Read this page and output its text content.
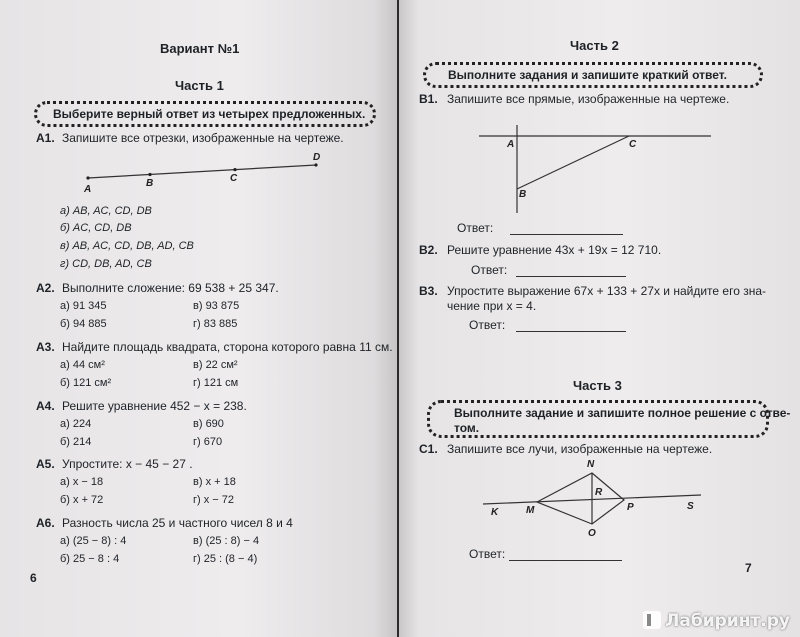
Вариант №1
Часть 1
Выберите верный ответ из четырех предложенных.
А1. Запишите все отрезки, изображенные на чертеже.
A
B	C
D
а) AB, AC, CD, DB
б) AC, CD, DB
в) AB, AC, CD, DB, AD, CB
г) CD, DB, AD, CB
А2. Выполните сложение: 69 538 + 25 347.
а) 91 345	в) 93 875
б) 94 885	г) 83 885
А3. Найдите площадь квадрата, сторона которого равна 11 см.
а) 44 см²	в) 22 см²
б) 121 см²	г) 121 см
А4. Решите уравнение 452 − x = 238.
а) 224	в) 690
б) 214	г) 670
А5. Упростите: x − 45 − 27 .
а) x − 18	в) x + 18
б) x + 72	г) x − 72
А6. Разность числа 25 и частного чисел 8 и 4
а) (25 − 8) : 4	в) (25 : 8) − 4
б) 25 − 8 : 4	г) 25 : (8 − 4)
6
Часть 2
Выполните задания и запишите краткий ответ.
В1. Запишите все прямые, изображенные на чертеже.
A	C
B
Ответ:
В2. Решите уравнение 43x + 19x = 12 710.
Ответ:
В3. Упростите выражение 67x + 133 + 27x и найдите его зна-
чение при x = 4.
Ответ:
Часть 3
Выполните задание и запишите полное решение с отве-
том.
С1. Запишите все лучи, изображенные на чертеже.
N
R
K	M	P	S
O
Ответ:
7
Лабиринт.ру
